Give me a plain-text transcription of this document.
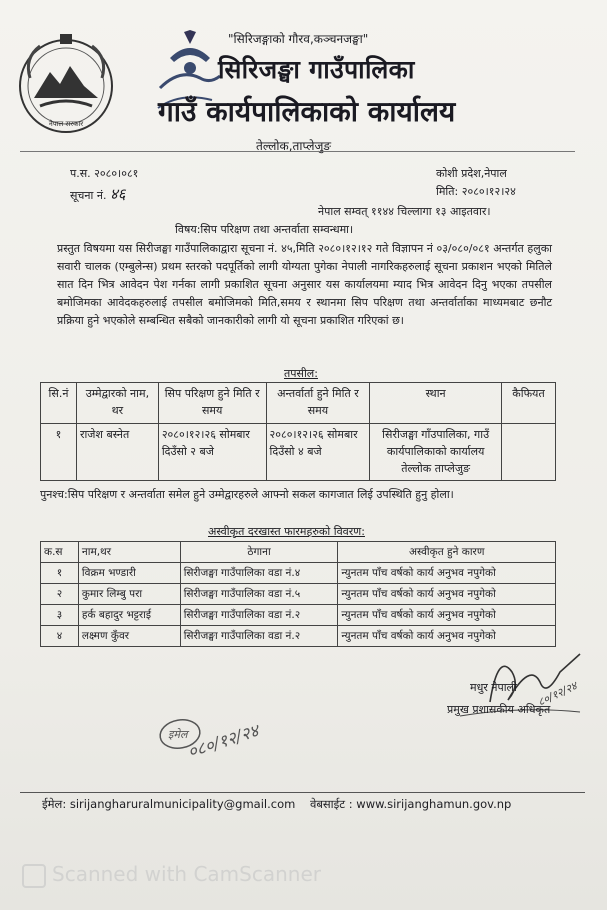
नेपाल सरकार
"सिरिजङ्गाको गौरव,कञ्चनजङ्घा"
सिरिजङ्घा गाउँपालिका
गाउँ कार्यपालिकाको कार्यालय
तेल्लोक,ताप्लेजुङ
प.स. २०८०।०८१
सूचना नं. ४६
कोशी प्रदेश,नेपाल
मिति: २०८०।१२।२४
नेपाल सम्वत् ११४४ चिल्लागा १३ आइतवार।
विषय:सिप परिक्षण तथा अन्तर्वाता सम्वन्धमा।
प्रस्तुत विषयमा यस सिरीजङ्घा गाउँपालिकाद्वारा सूचना नं. ४५,मिति २०८०।१२।१२ गते विज्ञापन नं ०३/०८०/०८१ अन्तर्गत हलुका सवारी चालक (एम्बुलेन्स) प्रथम स्तरको पदपूर्तिको लागी योग्यता पुगेका नेपाली नागरिकहरुलाई सूचना प्रकाशन भएको मितिले सात दिन भित्र आवेदन पेश गर्नका लागी प्रकाशित सूचना अनुसार यस कार्यालयमा म्याद भित्र आवेदन दिनु भएका तपसील बमोजिमका आवेदकहरुलाई तपसील बमोजिमको मिति,समय र स्थानमा सिप परिक्षण तथा अन्तर्वार्ताका माध्यमबाट छनौट प्रक्रिया हुने भएकोले सम्बन्धित सबैको जानकारीको लागी यो सूचना प्रकाशित गरिएकां छ।
तपसील:
सि.नं	उम्मेद्वारको नाम, थर	सिप परिक्षण हुने मिति र समय	अन्तर्वार्ता हुने मिति र समय	स्थान	कैफियत
१	राजेश बस्नेत	२०८०।१२।२६ सोमबार दिउँसो २ बजे	२०८०।१२।२६ सोमबार दिउँसो ४ बजे	सिरीजङ्घा गाँउपालिका, गाउँ कार्यपालिकाको कार्यालय तेल्लोक ताप्लेजुङ	
पुनश्च:सिप परिक्षण र अन्तर्वाता समेल हुने उम्मेद्वारहरुले आफ्नो सकल कागजात लिई उपस्थिति हुनु होला।
अस्वीकृत दरखास्त फारमहरुको विवरण:
क.स	नाम,थर	ठेगाना	अस्वीकृत हुने कारण
१	विक्रम भण्डारी	सिरीजङ्घा गाउँपालिका वडा नं.४	न्युनतम पाँच वर्षको कार्य अनुभव नपुगेको
२	कुमार लिम्बु परा	सिरीजङ्घा गाउँपालिका वडा नं.५	न्युनतम पाँच वर्षको कार्य अनुभव नपुगेको
३	हर्क बहादुर भट्टराई	सिरीजङ्घा गाउँपालिका वडा नं.२	न्युनतम पाँच वर्षको कार्य अनुभव नपुगेको
४	लक्ष्मण कुँवर	सिरीजङ्घा गाउँपालिका वडा नं.२	न्युनतम पाँच वर्षको कार्य अनुभव नपुगेको
८०/१२/२४
मधुर नेपाली
प्रमुख प्रशासकीय अधिकृत
इमेल
०८०/१२/२४
ईमेल: sirijangharuralmunicipality@gmail.com वेबसाईट : www.sirijanghamun.gov.np
Scanned with CamScanner
